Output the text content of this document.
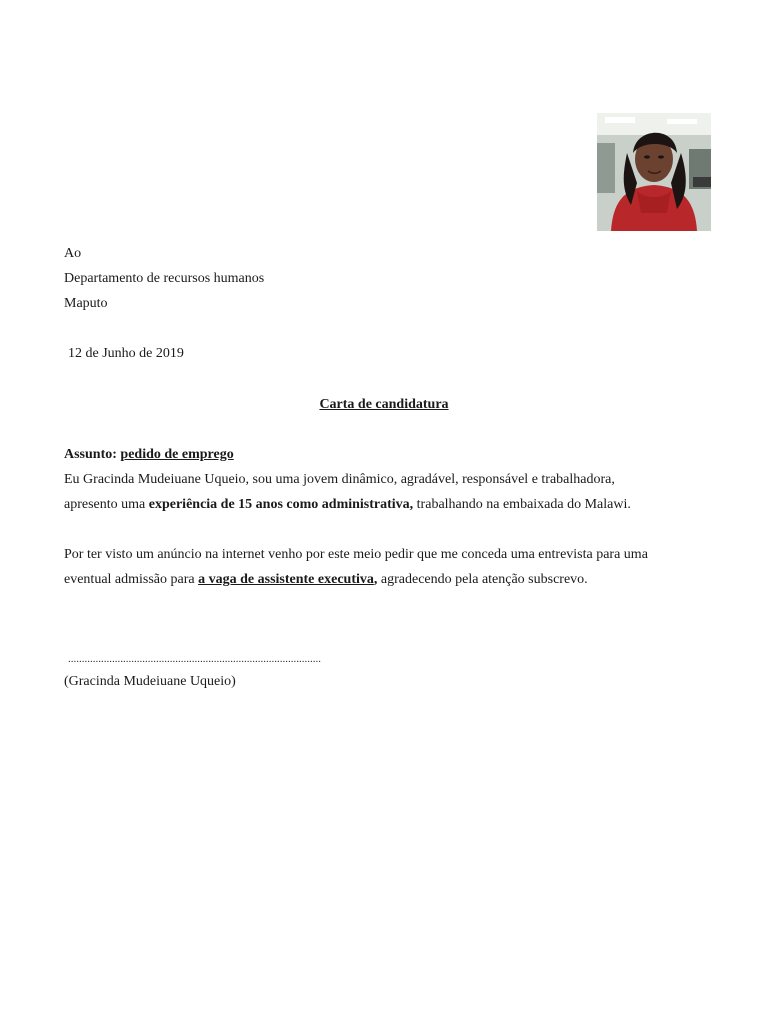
Ao
Departamento de recursos humanos
Maputo
12 de Junho de 2019
Carta de candidatura
Assunto: pedido de emprego
Eu Gracinda Mudeiuane Uqueio, sou uma jovem dinâmico, agradável, responsável e trabalhadora,
apresento uma experiência de 15 anos como administrativa, trabalhando na embaixada do Malawi.
Por ter visto um anúncio na internet venho por este meio pedir que me conceda uma entrevista para uma
eventual admissão para a vaga de assistente executiva, agradecendo pela atenção subscrevo.
............................................................................................
(Gracinda Mudeiuane Uqueio)
